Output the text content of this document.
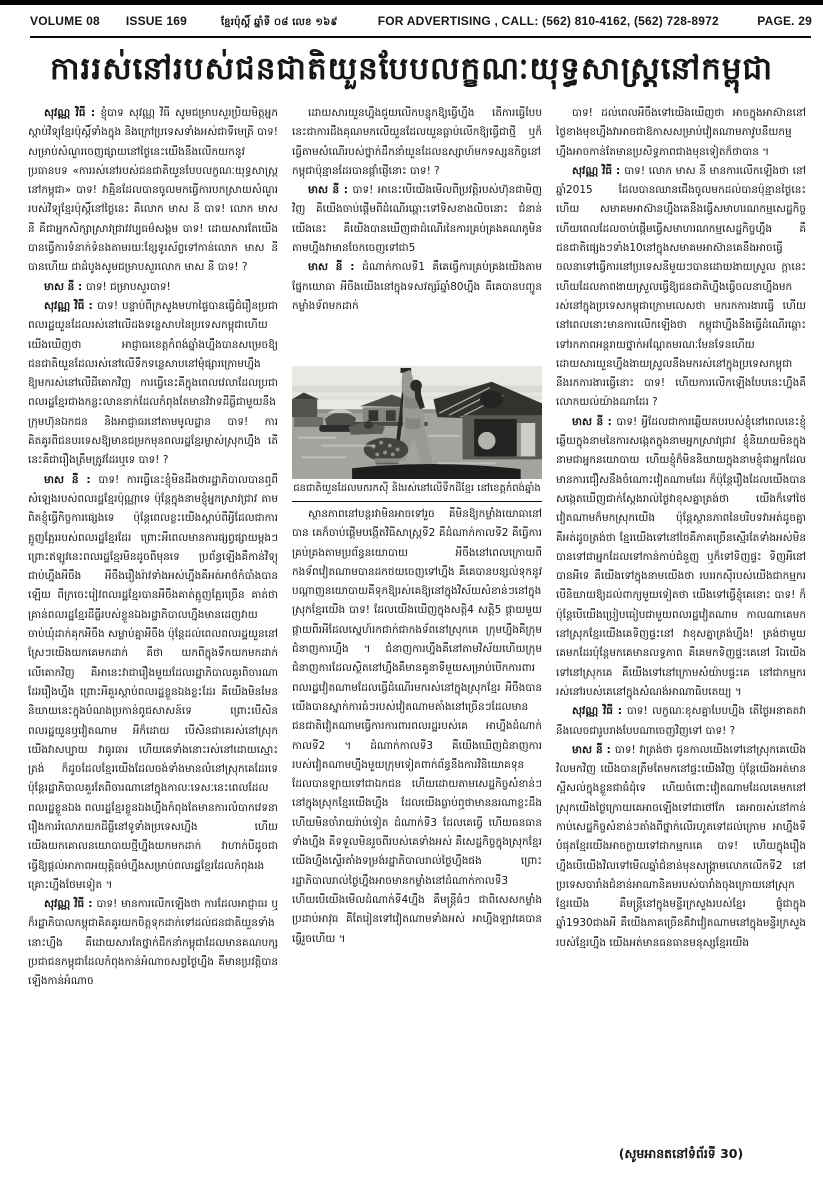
VOLUME 08 ISSUE 169	ខ្មែរប៉ុស្ដិ៍ ឆ្នាំទី ០៨ លេខ ១៦៩	FOR ADVERTISING , CALL: (562) 810-4162, (562) 728-8972	PAGE. 29
ការរស់នៅរបស់ជនជាតិយួនបែបលក្ខណៈយុទ្ធសាស្ត្រនៅកម្ពុជា

សុវណ្ណ វិធី : ខ្ញុំបាទ សុវណ្ណ វិធី សូមជម្រាបសួរប្រិយមិត្តអ្នកស្តាប់វិទ្យុខ្មែរប៉ុស្ដិ៍ទាំងក្នុង និងក្រៅប្រទេសទាំងអស់ជាទីមេត្រី បាទ! សម្រាប់សំណួរចេញផ្សាយនៅថ្ងៃនេះយើងនឹងលើកយកនូវប្រធានបទ «ការរស់នៅរបស់ជនជាតិយួនបែបលក្ខណៈយុទ្ធសាស្ត្រនៅកម្ពុជា» បាទ! វាគ្មិនដែលបានចូលមកធ្វើការបកស្រាយសំណួររបស់វិទ្យុខ្មែរប៉ុស្ដិ៍នៅថ្ងៃនេះ គឺលោក មាស នី បាទ! លោក មាស នី គឺជាអ្នកសិក្សាស្រាវជ្រាវវប្បធម៌សង្គម បាទ! ដោយសារតែយើងបានធ្វើការទំនាក់ទំនងតាមរយៈខ្សែទូរស័ព្ទទៅកាន់លោក មាស នី បានហើយ ជាដំបូងសូមជម្រាបសួរលោក មាស នី បាទ! ?

មាស នី : បាទ! ជម្រាបសួរបាទ!

សុវណ្ណ វិធី : បាទ! បន្ទាប់ពីក្រសួងមហាផ្ទៃបានធ្វើជំរឿនប្រជាពលរដ្ឋយួនដែលរស់នៅលើដងទន្លេសាបនៃប្រទេសកម្ពុជាហើយ យើងឃើញថា អាជ្ញាធរខេត្តកំពង់ឆ្នាំងហ្នឹងបានសម្រេចឱ្យជនជាតិយួនដែលរស់នៅលើទឹកទន្លេសាបនៅមុំផ្សារក្រោមហ្នឹងឱ្យមករស់នៅលើដីគោកវិញ ការធ្វើនេះគឺក្នុងពេលវេលាដែលប្រជាពលរដ្ឋខ្មែរជាងកន្លះលាននាក់ដែលកំពុងតែមានវិវាទដីធ្លីជាមួយនឹងក្រុមហ៊ុនឯកជន និងអាជ្ញាធរនៅតាមមូលដ្ឋាន បាទ! ការគិតគូរពីជនបរទេសឱ្យមានជម្រកមុនពលរដ្ឋខ្មែរម្ចាស់ស្រុកហ្នឹង តើនេះគឺជារឿងត្រឹមត្រូវដែរឬទេ បាទ! ?

មាស នី : បាទ! ការធ្វើនេះខ្ញុំមិនដឹងថារដ្ឋាភិបាលបានឮពីសំឡេងរបស់ពលរដ្ឋខ្មែរប៉ុណ្ណាទេ ប៉ុន្តែក្នុងនាមខ្ញុំអ្នកស្រាវជ្រាវ តាមពិតខ្ញុំធ្វើកិច្ចការផ្សេងទេ ប៉ុន្តែពេលខ្លះយើងស្តាប់ពីអ្វីដែលជាការត្អូញត្អែររបស់ពលរដ្ឋខ្មែរដែរ ព្រោះអីពេលមានការផ្សព្វផ្សាយម្តងៗ ព្រោះឥឡូវនេះពលរដ្ឋខ្មែរមិនដូចពីមុនទេ ប្រព័ន្ធឡើងគឺកាន់វិទ្យុជាប់ហ្នឹងអីចឹង អីចឹងរឿងរ៉ាវទាំងអស់ហ្នឹងគឺអត់អាថ៌កំបាំងបានឡើយ ពីក្រចេះរៀវពលរដ្ឋខ្មែរបានអីចឹងគាត់ត្អូញត្អែរច្រើន គាត់ថា គ្រាន់ពលរដ្ឋខ្មែរដីធ្លីរបស់ខ្លួនឯងរដ្ឋាភិបាលហ្នឹងមានដេញវាយចាប់ឃុំដាក់គុកអីចឹង សម្លាប់គ្នាអីចឹង ប៉ុន្តែដល់ពេលពលរដ្ឋយួននៅស្រែៗយើងយកគេមកដាក់ គឺថា យកពីក្នុងទឹកយកមកដាក់លើគោកវិញ គឺអានេះវាជារឿងមួយដែលរដ្ឋាភិបាលគួរពិចារណាដែររឿងហ្នឹង ព្រោះអីគួរស្តាប់ពលរដ្ឋខ្លួនឯងខ្លះដែរ គឺយើងមិនមែននិយាយនេះក្នុងបំណងប្រកាន់ពូជសាសន៍ទេ ព្រោះបើសិនពលរដ្ឋយួនឬវៀតណាម អីក៏ដោយ បើសិនជាគេរស់នៅស្រុកយើងវាសប្បាយ វាធូរធារ ហើយគេទាំងនោះរស់នៅដោយស្មោះត្រង់ ក៏ដូចដែលខ្មែរយើងដែលចង់ទាំងមានលំនៅស្រុកគេដែរទេ ប៉ុន្តែរដ្ឋាភិបាលគួរតែពិចារណានៅក្នុងកាលៈទេសៈនេះពេលដែលពលរដ្ឋខ្លួនឯង ពលរដ្ឋខ្មែរខ្លួនឯងហ្នឹងកំពុងតែមានការលំបាកវេទនារឿងការរំលោភយកដីធ្លីនៅទូទាំងប្រទេសហ្នឹង ហើយយើងយកគោលនយោបាយថ្មីហ្នឹងយកមកដាក់ វាហាក់បីដូចជាធ្វើឱ្យផ្តល់អាភាពអយុត្តិធម៌ហ្នឹងសម្រាប់ពលរដ្ឋខ្មែរដែលកំពុងរងគ្រោះហ្នឹងថែមទៀត ។

សុវណ្ណ វិធី : បាទ! មានការលើកឡើងថា ការដែលអាជ្ញាធរ ឬក៏រដ្ឋាភិបាលកម្ពុជាគិតគូរយកចិត្តទុកដាក់ទៅដល់ជនជាតិយួនទាំងនោះហ្នឹង គឺដោយសារតែថ្នាក់ដឹកនាំកម្ពុជាដែលមានគណបក្សប្រជាជនកម្ពុជាដែលកំពុងកាន់អំណាចសព្វថ្ងៃហ្នឹង គឺមានប្រវត្តិបានឡើងកាន់អំណាច

ដោយសារយួនហ្នឹងជួយលើកបន្ទុកឱ្យធ្វើហ្នឹង តើការធ្វើបែបនេះជាការដឹងគុណមកលើយួនដែលយួនធ្លាប់លើកឱ្យធ្វើជាថ្មី ឬក៏ធ្វើតាមសំណើរបស់ថ្នាក់ដឹកនាំយួនដែលឧស្សាហ៍មកទស្សនកិច្ចនៅកម្ពុជាប៉ុន្មានដែរបានផ្តាំផ្ញើនោះ បាទ! ?

មាស នី : បាទ! អានេះបើយើងមើលពីប្រវត្តិរបស់ហ៊ុនជាមិញ វិញ គឺយើងចាប់ផ្តើមពីដំណើរឆ្ពោះទៅទិសខាងលិចនោះ ជំនាន់យើងនេះ គឺយើងបានឃើញជាដំណើរនៃការគ្រប់គ្រងគណភូមិនតាមហ្នឹងវាមានចែកចេញទៅជា5

មាស នី : ដំណាក់កាលទី1 គឺគេធ្វើការគ្រប់គ្រងយើងតាមផ្នែកយោធា អីចឹងយើងនៅក្នុងទសវត្សរ៍ឆ្នាំ80ហ្នឹង គឺគេបានបញ្ជូនកម្លាំងទ័ពមកដាក់

ជនជាតិយួនដែលមករកស៊ី និងរស់នៅលើទឹកដីខ្មែរ នៅខេត្តកំពង់ឆ្នាំង

ស្ថានភាពនៅបន្តរវាមិនអាចទៅរួច គឺមិនឱ្យកម្លាំងយោធានៅបាន គេក៏ចាប់ផ្តើមបង្កើតវិធីសាស្ត្រទី2 គឺដំណាក់កាលទី2 គឺធ្វើការគ្រប់គ្រងតាមប្រព័ន្ធនយោបាយ អីចឹងនៅពេលក្រោយពីកងទ័ពវៀតណាមបានដកថយចេញទៅហ្នឹង គឺគេបានបន្សល់ទុកនូវបណ្តាញនយោបាយគឺទុកឱ្យរស់គេឱ្យនៅក្នុងវិស័យសំខាន់ៗនៅក្នុងស្រុកខ្មែរយើង បាទ! ដែលយើងឃើញក្នុងសត្តិ4 សត្តិ5 ផ្តាយមួយ ផ្តាយពីរអីដែលស្នេហ៍រកជាក់ជាកងទ័ពនៅស្រុកគេ ក្រុមហ្នឹងគឺក្រុមជំនាញការហ្នឹង ។ ជំនាញការហ្នឹងគឺនៅតាមវិស័យហើយក្រុមជំនាញការដែលស្ថិតនៅហ្នឹងគឺមានគូនាទីមួយសម្រាប់បើកការពារពលរដ្ឋវៀតណាមដែលធ្វើដំណើរមករស់នៅក្នុងស្រុកខ្មែរ អីចឹងបានយើងបានស្នាក់ការធំៗរបស់វៀតណាមតាំងនៅច្រើនៗដែលមានជនជាតិវៀតណាមធ្វើការការពារពលរដ្ឋរបស់គេ អាហ្នឹងដំណាក់កាលទី2 ។ ដំណាក់កាលទី3 គឺយើងឃើញជំនាញការរបស់វៀតណាមហ្នឹងមួយក្រុមទៀតពាក់ព័ន្ធនឹងការវិនិយោគទុនដែលបានឡាយទៅជាឯកជន ហើយដោយតាមសេដ្ឋកិច្ចសំខាន់ៗនៅក្នុងស្រុកខ្មែរយើងហ្នឹង ដែលយើងធ្លាប់ឮថាមាននរណាខ្លះដឹងហើយមិនចាំរាយរ៉ាប់ទៀត ដំណាក់ទី3 ដែលគេធ្វើ ហើយធនធានទាំងហ្នឹង គឺទទួលមិនរួចពីរបស់គេទាំងអស់ គឺសេដ្ឋកិច្ចក្នុងស្រុកខ្មែរយើងហ្នឹងស្ទើរតាំងទម្រង់រដ្ឋាភិបាលរាល់ថ្ងៃហ្នឹងផង ព្រោះរដ្ឋាភិបាលរាល់ថ្ងៃហ្នឹងអាចមានកម្លាំងនៅដំណាក់កាលទី3 ហើយបើយើងមើលដំណាក់ទី4ហ្នឹង គឺមន្ត្រីធំៗ ជាពិសេសកម្លាំងប្រដាប់អាវុធ គឺតែរៀនទៅវៀតណាមទាំងអស់ អាហ្នឹងឡាវគេបានធ្វើរួចហើយ ។

បាទ! ដល់ពេលអីចឹងទៅយើងឃើញថា អាចក្នុងអាស៊ាននៅថ្ងៃខាងមុខហ្នឹងវាអាចជាឱកាសសម្រាប់វៀតណាមភាវូបនីយកម្មហ្នឹងអាចកាន់តែមានប្រសិទ្ធភាពជាងមុនទៀតក៏ថាបាន ។

សុវណ្ណ វិធី : បាទ! លោក មាស នី មានការលើកឡើងថា នៅឆ្នាំ2015 ដែលបានឈានជើងចូលមកដល់បានប៉ុន្មានថ្ងៃនេះហើយ សមាគមអាស៊ានហ្នឹងគេនឹងធ្វើសមាហរណកម្មសេដ្ឋកិច្ច ហើយពេលដែលចាប់ផ្តើមធ្វើសមាហរណកម្មសេដ្ឋកិច្ចហ្នឹង គឺជនជាតិផ្សេងៗទាំង10នៅក្នុងសមាគមអាស៊ានគេនឹងអាចធ្វើចលនាទៅធ្វើការនៅប្រទេសនីមួយៗបានដោយងាយស្រួល ក្តានេះហើយដែលភាពងាយស្រួលធ្វើឱ្យជនជាតិហ្នឹងធ្វើចលនាហ្នឹងមករស់នៅក្នុងប្រទេសកម្ពុជាក្រោមលេសថា មករកការងារធ្វើ ហើយនៅពេលនោះមានការលើកឡើងថា កម្ពុជាហ្នឹងនឹងធ្វើដំណើរឆ្ពោះទៅរកភាពអន្តរាយថ្នាក់អណ្តែតមរណៈមែនទែនហើយ ដោយសារយួនហ្នឹងងាយស្រួលនឹងមករស់នៅក្នុងប្រទេសកម្ពុជានឹងរកការងារធ្វើនោះ បាទ! ហើយការលើកឡើងបែបនេះហ្នឹងគឺលោកយល់យ៉ាងណាដែរ ?

មាស នី : បាទ! អ្វីដែលជាការឆ្លើយតបរបស់ខ្ញុំនៅពេលនេះខ្ញុំ ឆ្លើយក្នុងនាមនៃការសង្កេតក្នុងនាមអ្នកស្រាវជ្រាវ ខ្ញុំនិយាយមិនក្នុងនាមជាអ្នកនយោបាយ ហើយខ្ញុំក៏មិននិយាយក្នុងនាមខ្ញុំជាអ្នកដែលមានការជឿសនឹងចំណោះវៀតណាមដែរ ក៏ប៉ុន្តែរឿងដែលយើងបានសង្កេតឃើញជាក់ស្តែងរាល់ថ្ងៃវាខុសគ្នាត្រង់ថា យើងក៏ទៅថៃ វៀតណាមក៏មកស្រុកយើង ប៉ុន្តែស្ថានភាពនៃបរិបទវាអត់ដូចគ្នា គឺអត់ដូចត្រង់ថា ខ្មែរយើងទៅនៅថៃគឺភាគច្រើនស្មើរតែទាំងអស់មិនបានទៅជាអ្នកដែលទៅកាន់កាប់ជំនួញ ឬក៏ទៅទិញផ្ទះ ទិញអីនៅបានអីទេ គឺយើងទៅក្នុងនាមយើងថា របររកស៊ីរបស់យើងជាកម្មករ បើនិយាយឱ្យដល់ពាក្យមួយទៀតថា យើងទៅធ្វើខ្ញុំគេនោះ បាទ! ក៏ប៉ុន្តែបើយើងប្រៀបធៀបជាមួយពលរដ្ឋវៀតណាម កាលណាគេមកនៅស្រុកខ្មែរយើងគេទិញផ្ទះនៅ វាខុសគ្នាត្រង់ហ្នឹង! ត្រង់ថាមួយគេមកដែរប៉ុន្តែមកគេមានលទ្ធភាព គឺគេមកទិញផ្ទះគេនៅ រីឯយើងទៅនៅស្រុកគេ គឺយើងទៅនៅក្រោមសំយ៉ាបផ្ទះគេ នៅជាកម្មករ រស់នៅរបស់គេនៅក្នុងសំណង់អាណាធិបតេយ្យ ។

សុវណ្ណ វិធី : បាទ! លក្ខណៈខុសគ្នាបែបហ្នឹង តើថ្ងៃអនាគតវានឹងលេចជារូបរាងបែបណាចេញវិញទៅ បាទ! ?

មាស នី : បាទ! វាត្រង់ថា ជូនកាលយើងទៅនៅស្រុកគេយើងវិលមកវិញ យើងបានត្រឹមតែមកនៅផ្ទះយើងវិញ ប៉ុន្តែយើងអត់មានស្អីសល់ក្នុងខ្លួនជាធំដុំទេ ហើយចំពោះវៀតណាមដែលគេមកនៅស្រុកយើងថ្ងៃក្រោយគេអាចឡើងទៅជាថៅកែ គេអាចរស់នៅកាន់កាប់សេដ្ឋកិច្ចសំខាន់ៗតាំងពីថ្នាក់លើរហូតទៅដល់ក្រោម អាហ្នឹងទីបំផុតខ្មែរយើងអាចក្លាយទៅជាកម្មករគេ បាទ! ហើយក្នុងរឿងហ្នឹងបើយើងវិលទៅមើលឆ្នាំជំនាន់មុនសង្គ្រាមលោកលើកទី2 នៅប្រទេសបារាំងជំនាន់អាណានិគមរបស់បារាំងចុងក្រោយនៅស្រុកខ្មែរយើង គឺមន្ត្រីនៅក្នុងមន្ទីរក្រសួងរបស់ខ្មែរ ផ្ទុំជាក្នុងឆ្នាំ1930ជាងអី គឺយើងភាគច្រើនគឺវាវៀតណាមនៅក្នុងមន្ទីរក្រសួងរបស់ខ្មែរហ្នឹង យើងអត់មានធនធានមនុស្សខ្មែរយើង

(សូមអានតនៅទំព័រទី 30)
